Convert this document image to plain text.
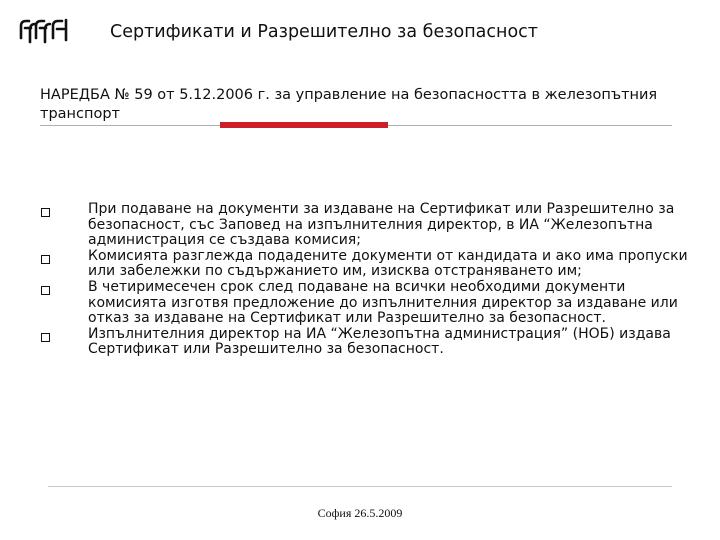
Сертификати и Разрешително за безопасност
НАРЕДБА № 59 от 5.12.2006 г. за управление на безопасността в железопътния транспорт
При подаване на документи за издаване на Сертификат или Разрешително за безопасност, със Заповед на изпълнителния директор, в ИА “Железопътна администрация се създава комисия;
Комисията разглежда подадените документи от кандидата и ако има пропуски или забележки по съдържанието им, изисква отстраняването им;
В четиримесечен срок след подаване на всички необходими документи комисията изготвя предложение до изпълнителния директор за издаване или отказ за издаване на Сертификат или Разрешително за безопасност.
Изпълнителния директор на ИА “Железопътна администрация” (НОБ) издава Сертификат или Разрешително за безопасност.
София 26.5.2009
